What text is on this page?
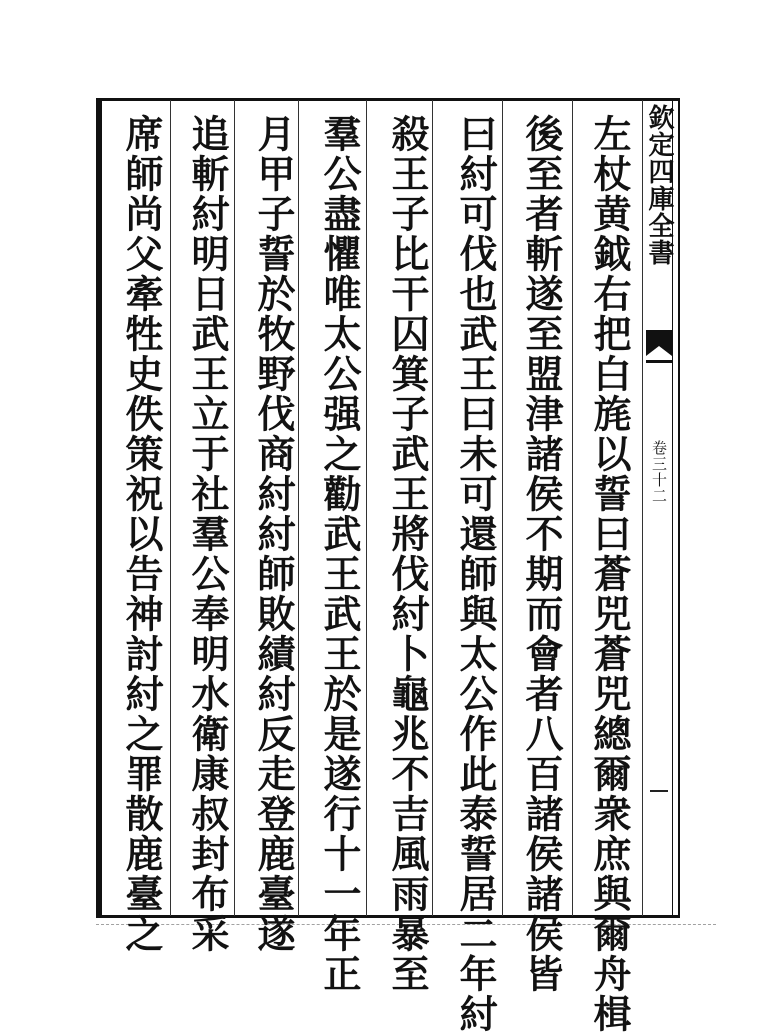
欽定四庫全書
卷三十二
左杖黄鉞右把白旄以誓曰蒼兕蒼兕總爾衆庶與爾舟楫
後至者斬遂至盟津諸侯不期而會者八百諸侯諸侯皆
曰紂可伐也武王曰未可還師與太公作此泰誓居二年紂
殺王子比干囚箕子武王將伐紂卜龜兆不吉風雨暴至
羣公盡懼唯太公强之勸武王武王於是遂行十一年正
月甲子誓於牧野伐商紂紂師敗績紂反走登鹿臺遂
追斬紂明日武王立于社羣公奉明水衛康叔封布采
席師尚父牽牲史佚策祝以告神討紂之罪散鹿臺之
